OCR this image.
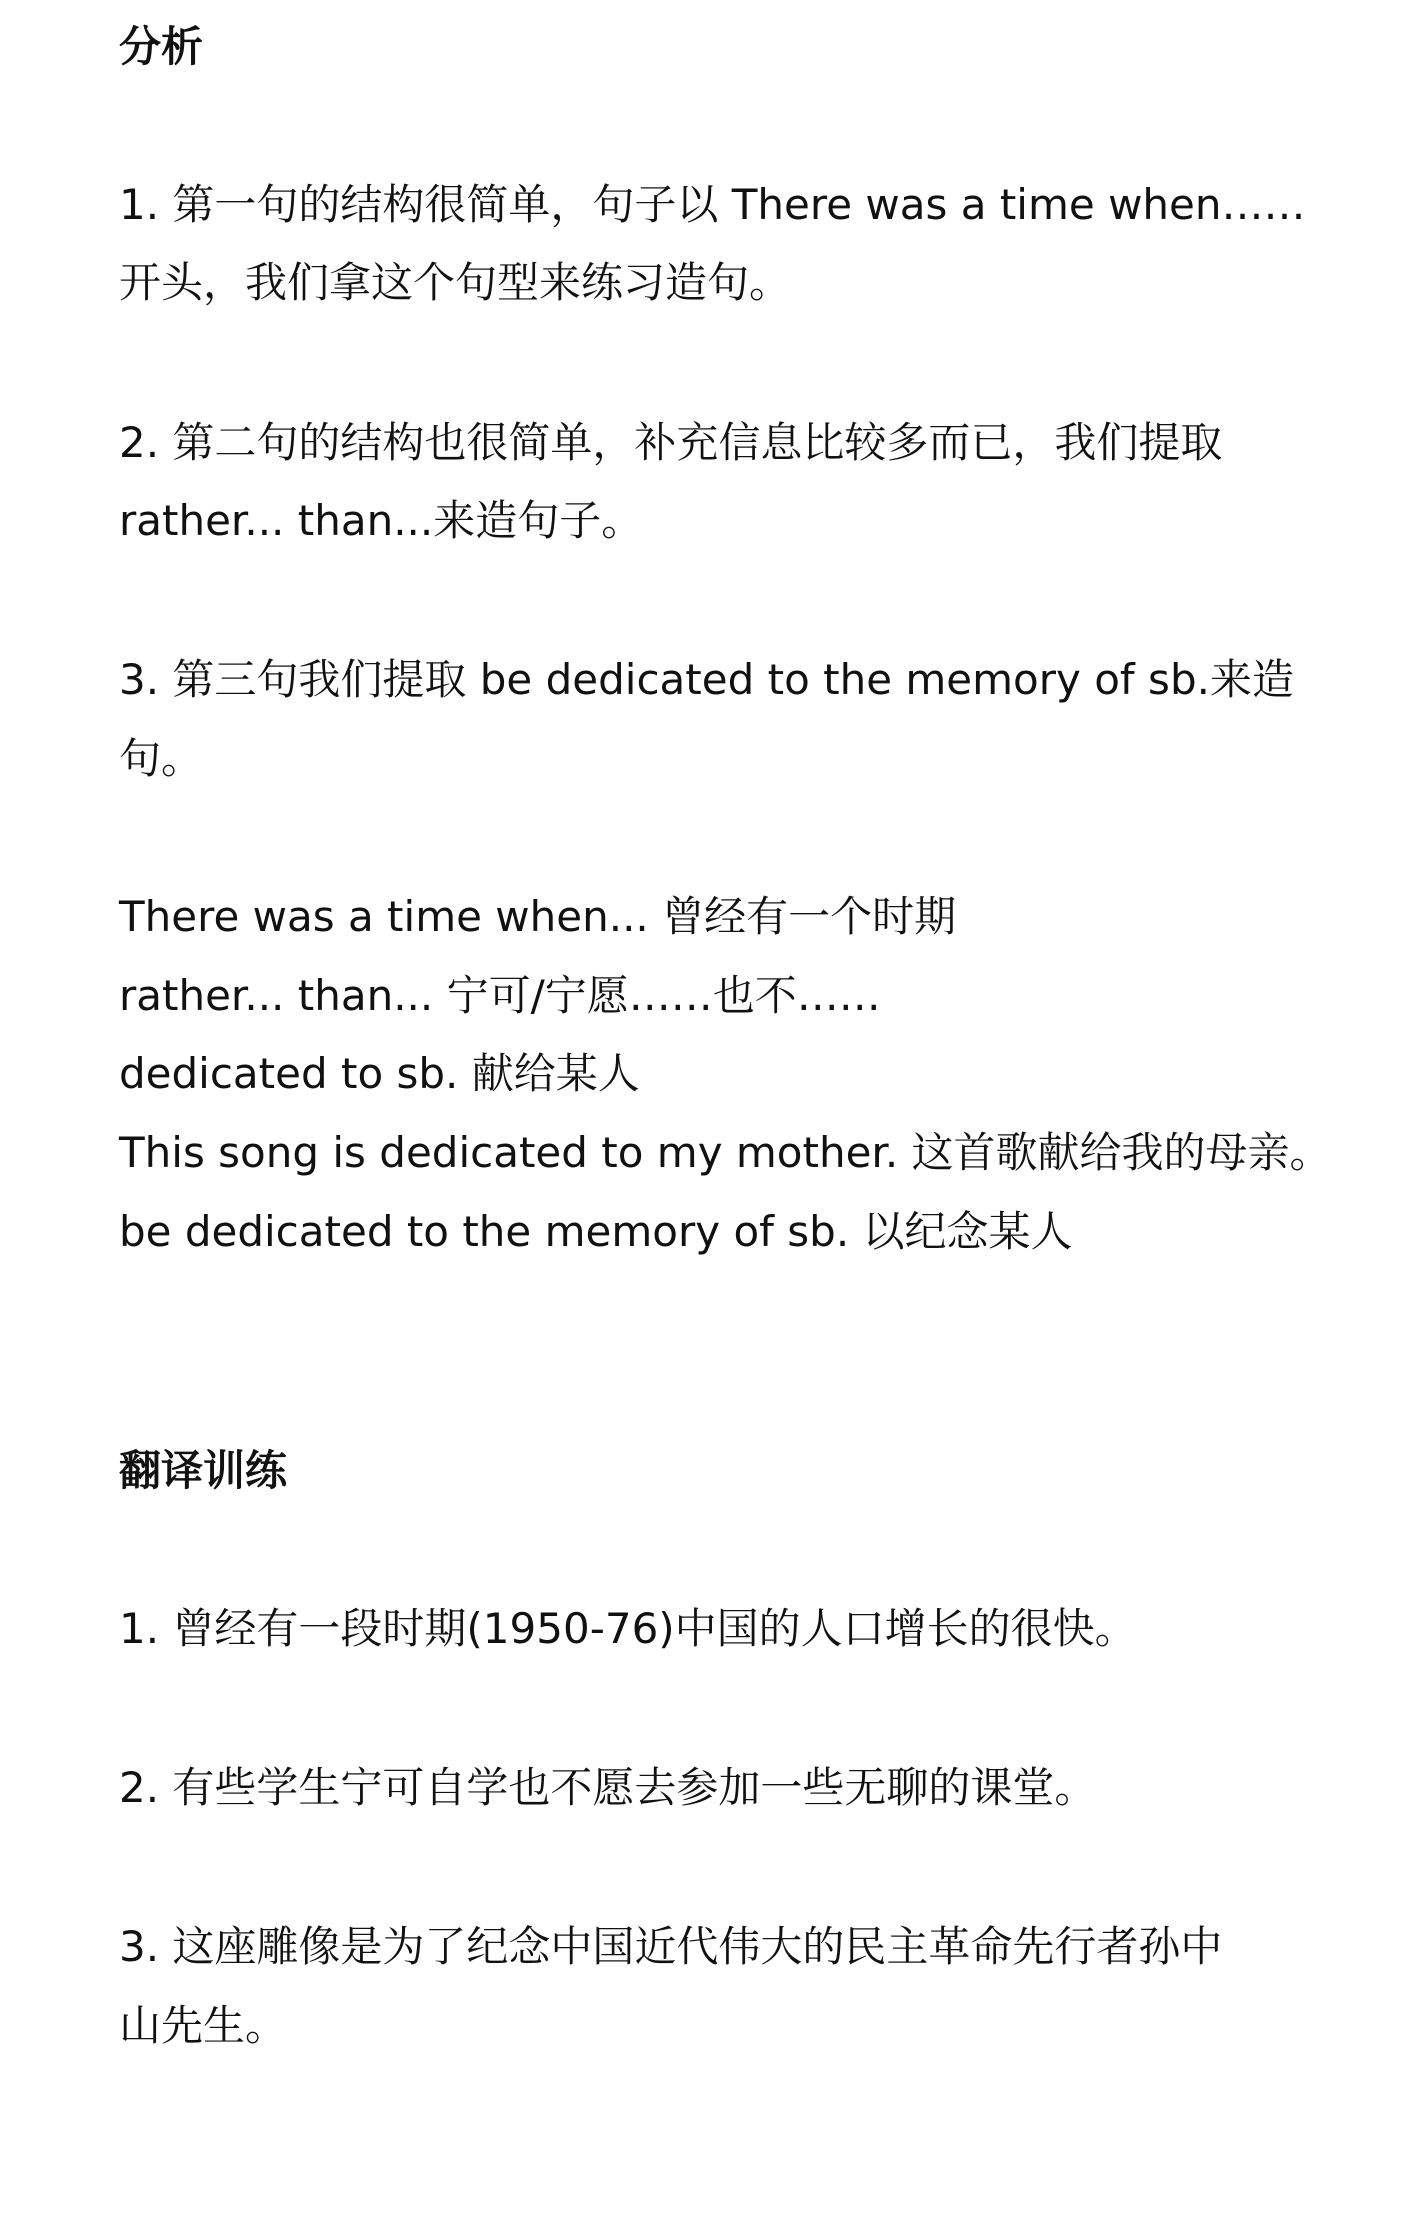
分析
1. 第一句的结构很简单，句子以 There was a time when……
开头，我们拿这个句型来练习造句。
2. 第二句的结构也很简单，补充信息比较多而已，我们提取
rather... than...来造句子。
3. 第三句我们提取 be dedicated to the memory of sb.来造
句。
There was a time when... 曾经有一个时期
rather... than... 宁可/宁愿……也不……
dedicated to sb. 献给某人
This song is dedicated to my mother. 这首歌献给我的母亲。
be dedicated to the memory of sb. 以纪念某人
翻译训练
1. 曾经有一段时期(1950-76)中国的人口增长的很快。
2. 有些学生宁可自学也不愿去参加一些无聊的课堂。
3. 这座雕像是为了纪念中国近代伟大的民主革命先行者孙中
山先生。
